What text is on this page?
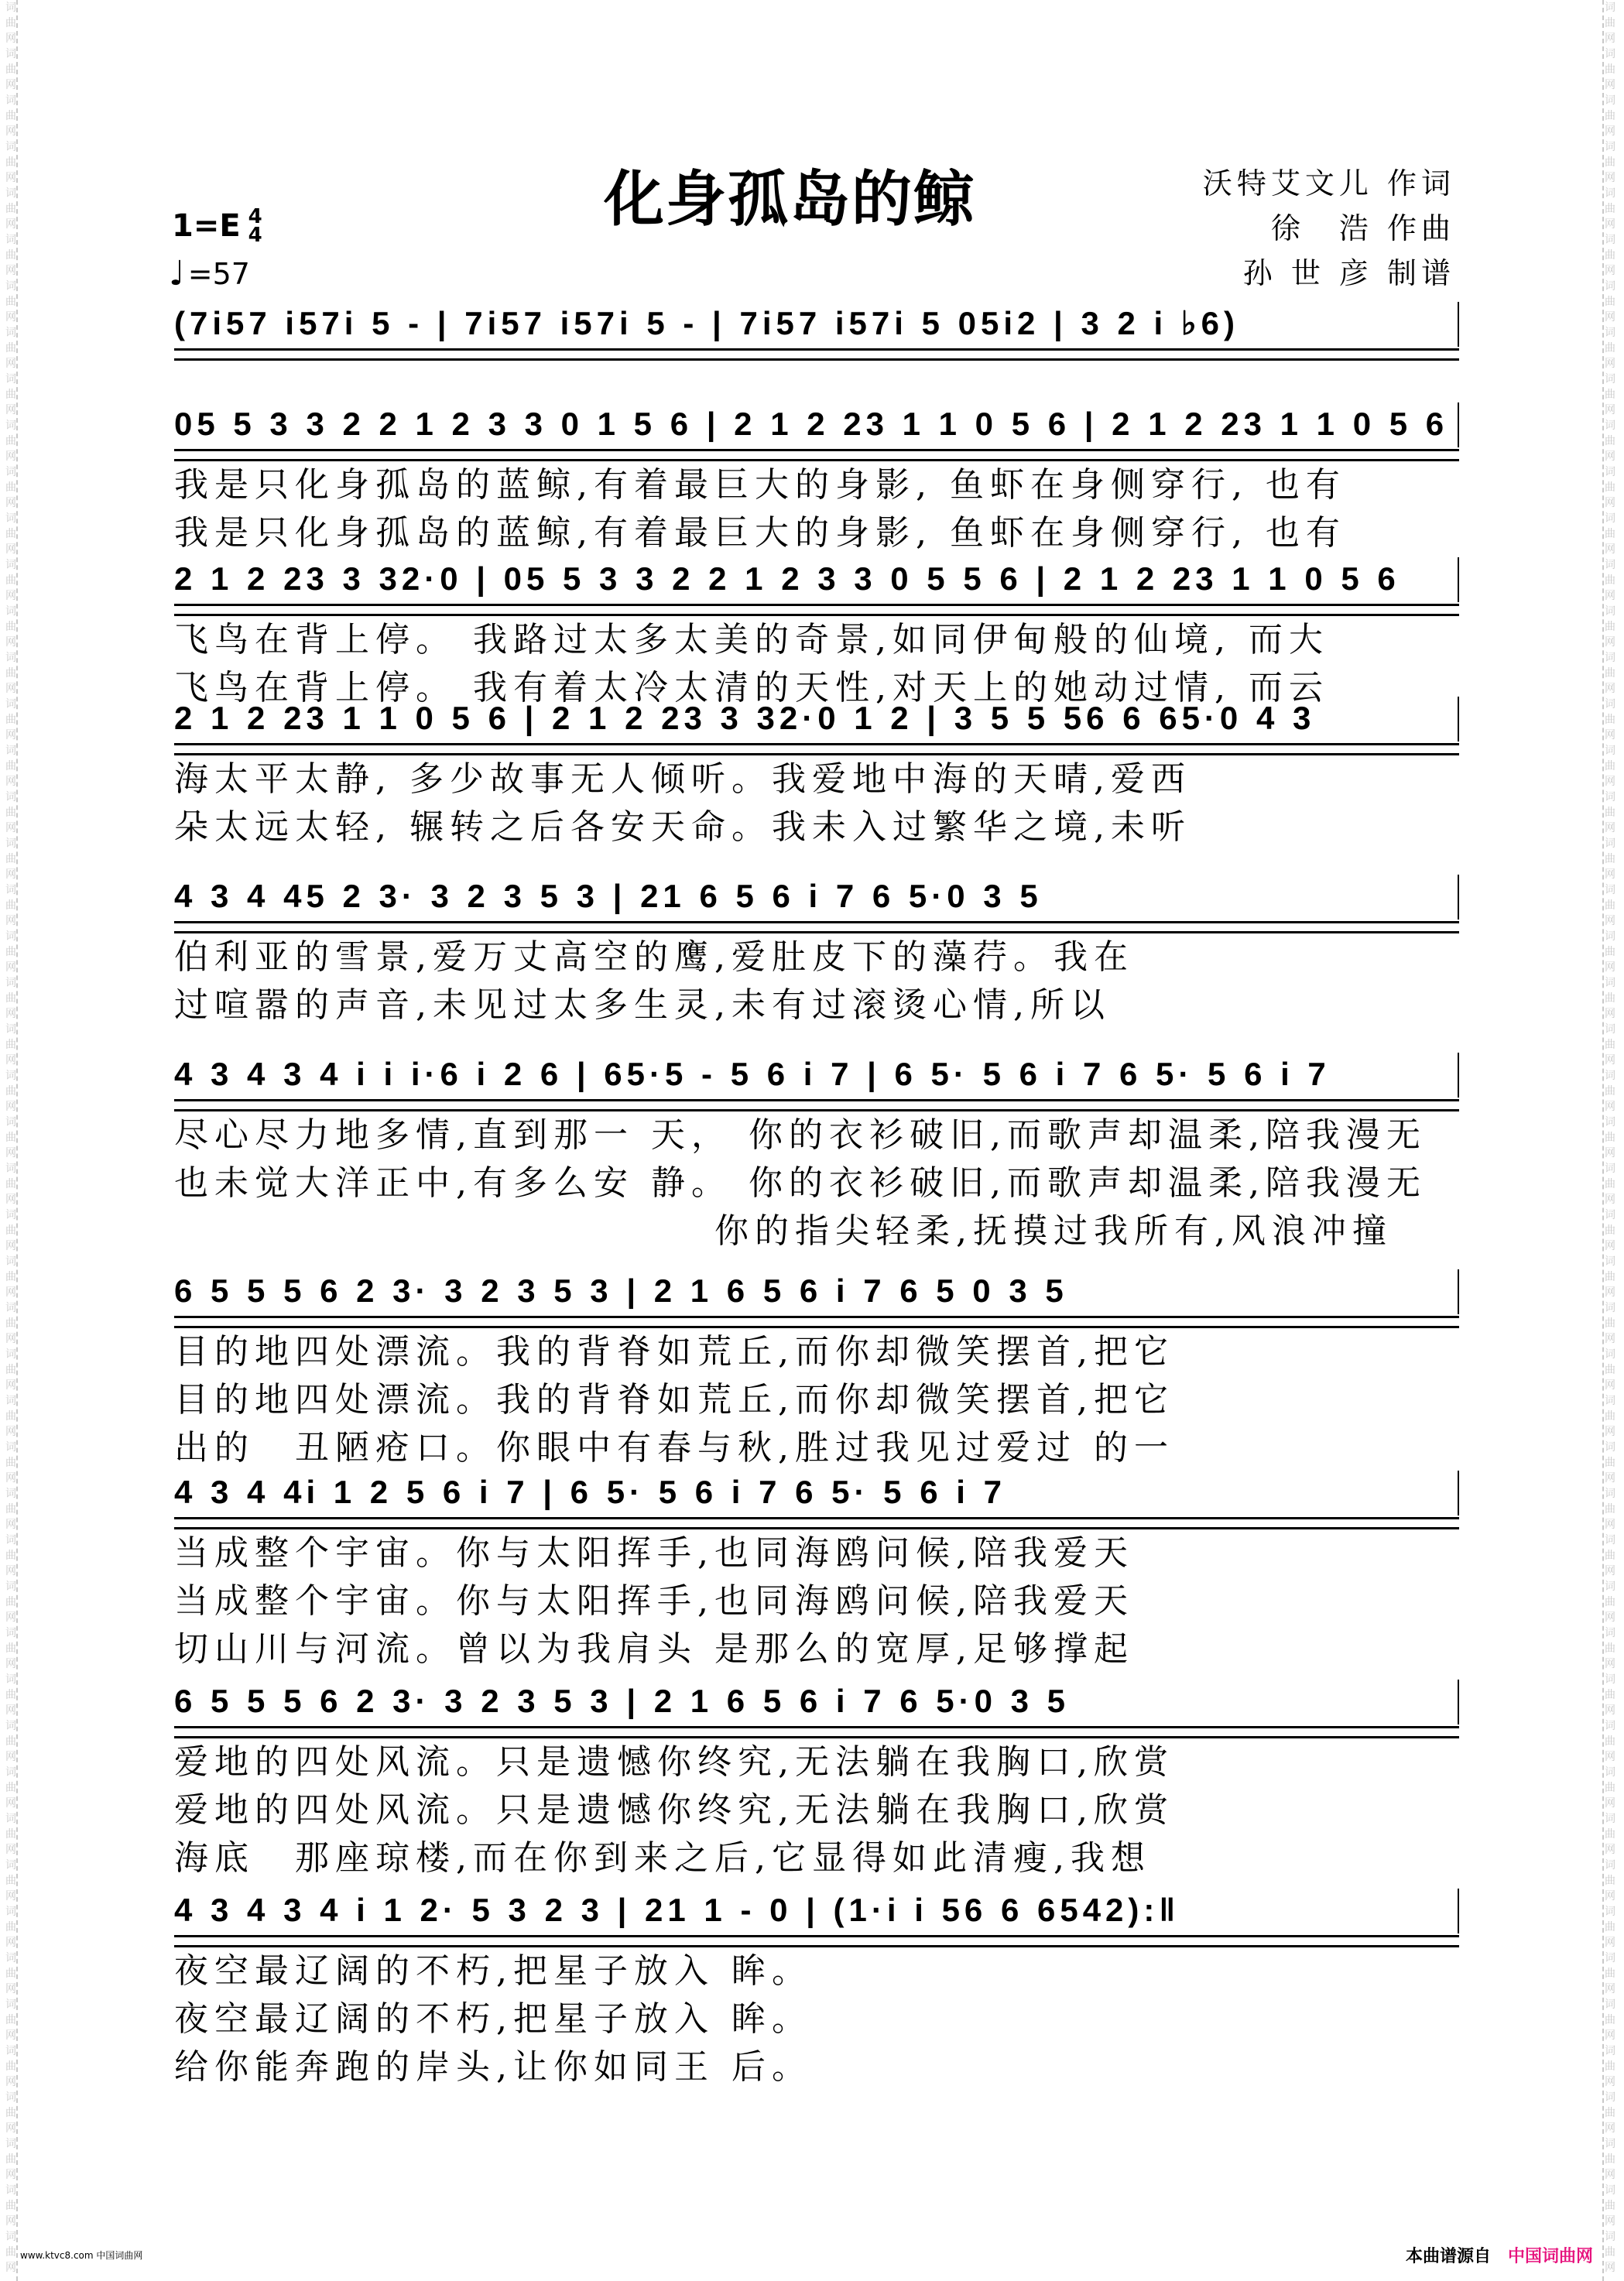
词
曲
网
词
曲
网
词
曲
网
词
曲
网
词
曲
网
词
曲
网
词
曲
网
词
曲
网
词
曲
网
词
曲
网
词
曲
网
词
曲
网
词
曲
网
词
曲
网
词
曲
网
词
曲
网
词
曲
网
词
曲
网
词
曲
网
词
曲
网
词
曲
网
词
曲
网
词
曲
网
词
曲
网
词
曲
网
词
曲
网
词
曲
网
词
曲
网
词
曲
网
词
曲
网
词
曲
网
词
曲
网
词
曲
网
词
曲
网
词
曲
网
词
曲
网
词
曲
网
词
曲
网
词
曲
网
词
曲
网
词
曲
网
词
曲
网
词
曲
网
词
曲
网
词
曲
网
词
曲
网
词
曲
网
词
曲
网
词
曲
网
词
曲
网
词
曲
网
词
曲
网
词
曲
网
词
曲
网
词
曲
网
词
曲
网
词
曲
网
词
曲
网
词
曲
网
词
曲
网
词
曲
网
词
曲
网
词
曲
网
词
曲
网
词
曲
网
词
曲
网
词
曲
网
词
曲
网
词
曲
网
词
曲
网
词
曲
网
词
曲
网
词
曲
网
词
曲
网
词
曲
网
词
曲
网
词
曲
网
词
曲
网
词
曲
网
词
曲
网
词
曲
网
词
曲
网
词
曲
网
词
曲
网
词
曲
网
词
曲
网
词
曲
网
词
曲
网
词
曲
网
词
曲
网
词
曲
网
词
曲
网
词
曲
网
词
曲
网
词
曲
网
词
曲
网
词
曲
网
词
曲
网
化身孤岛的鲸	沃特艾文儿 作词
徐　浩 作曲
孙 世 彦 制谱
1=E 4
4
♩ =57
(7i57 i57i 5 - | 7i57 i57i 5 - | 7i57 i57i 5 05i2 | 3 2 i ♭6)
05 5 3 3 2 2 1 2 3 3 0 1 5 6 | 2 1 2 23 1 1 0 5 6 | 2 1 2 23 1 1 0 5 6
我是只化身孤岛的蓝鲸,有着最巨大的身影, 鱼虾在身侧穿行, 也有
我是只化身孤岛的蓝鲸,有着最巨大的身影, 鱼虾在身侧穿行, 也有
2 1 2 23 3 32·0 | 05 5 3 3 2 2 1 2 3 3 0 5 5 6 | 2 1 2 23 1 1 0 5 6
飞鸟在背上停。 我路过太多太美的奇景,如同伊甸般的仙境, 而大
飞鸟在背上停。 我有着太冷太清的天性,对天上的她动过情, 而云
2 1 2 23 1 1 0 5 6 | 2 1 2 23 3 32·0 1 2 | 3 5 5 56 6 65·0 4 3
海太平太静, 多少故事无人倾听。我爱地中海的天晴,爱西
朵太远太轻, 辗转之后各安天命。我未入过繁华之境,未听
4 3 4 45 2 3· 3 2 3 5 3 | 21 6 5 6 i 7 6 5·0 3 5
伯利亚的雪景,爱万丈高空的鹰,爱肚皮下的藻荇。我在
过喧嚣的声音,未见过太多生灵,未有过滚烫心情,所以
4 3 4 3 4 i i i·6 i 2 6 | 65·5 - 5 6 i 7 | 6 5· 5 6 i 7 6 5· 5 6 i 7
尽心尽力地多情,直到那一 天， 你的衣衫破旧,而歌声却温柔,陪我漫无
也未觉大洋正中,有多么安 静。 你的衣衫破旧,而歌声却温柔,陪我漫无
　　　　　　　　　　　　　 你的指尖轻柔,抚摸过我所有,风浪冲撞
6 5 5 5 6 2 3· 3 2 3 5 3 | 2 1 6 5 6 i 7 6 5 0 3 5
目的地四处漂流。我的背脊如荒丘,而你却微笑摆首,把它
目的地四处漂流。我的背脊如荒丘,而你却微笑摆首,把它
出的　丑陋疮口。你眼中有春与秋,胜过我见过爱过 的一
4 3 4 4i 1 2 5 6 i 7 | 6 5· 5 6 i 7 6 5· 5 6 i 7
当成整个宇宙。你与太阳挥手,也同海鸥问候,陪我爱天
当成整个宇宙。你与太阳挥手,也同海鸥问候,陪我爱天
切山川与河流。曾以为我肩头 是那么的宽厚,足够撑起
6 5 5 5 6 2 3· 3 2 3 5 3 | 2 1 6 5 6 i 7 6 5·0 3 5
爱地的四处风流。只是遗憾你终究,无法躺在我胸口,欣赏
爱地的四处风流。只是遗憾你终究,无法躺在我胸口,欣赏
海底　那座琼楼,而在你到来之后,它显得如此清瘦,我想
4 3 4 3 4 i 1 2· 5 3 2 3 | 21 1 - 0 | (1·i i 56 6 6542):‖
夜空最辽阔的不朽,把星子放入 眸。
夜空最辽阔的不朽,把星子放入 眸。
给你能奔跑的岸头,让你如同王 后。
www.ktvc8.com 中国词曲网	本曲谱源自 中国词曲网
